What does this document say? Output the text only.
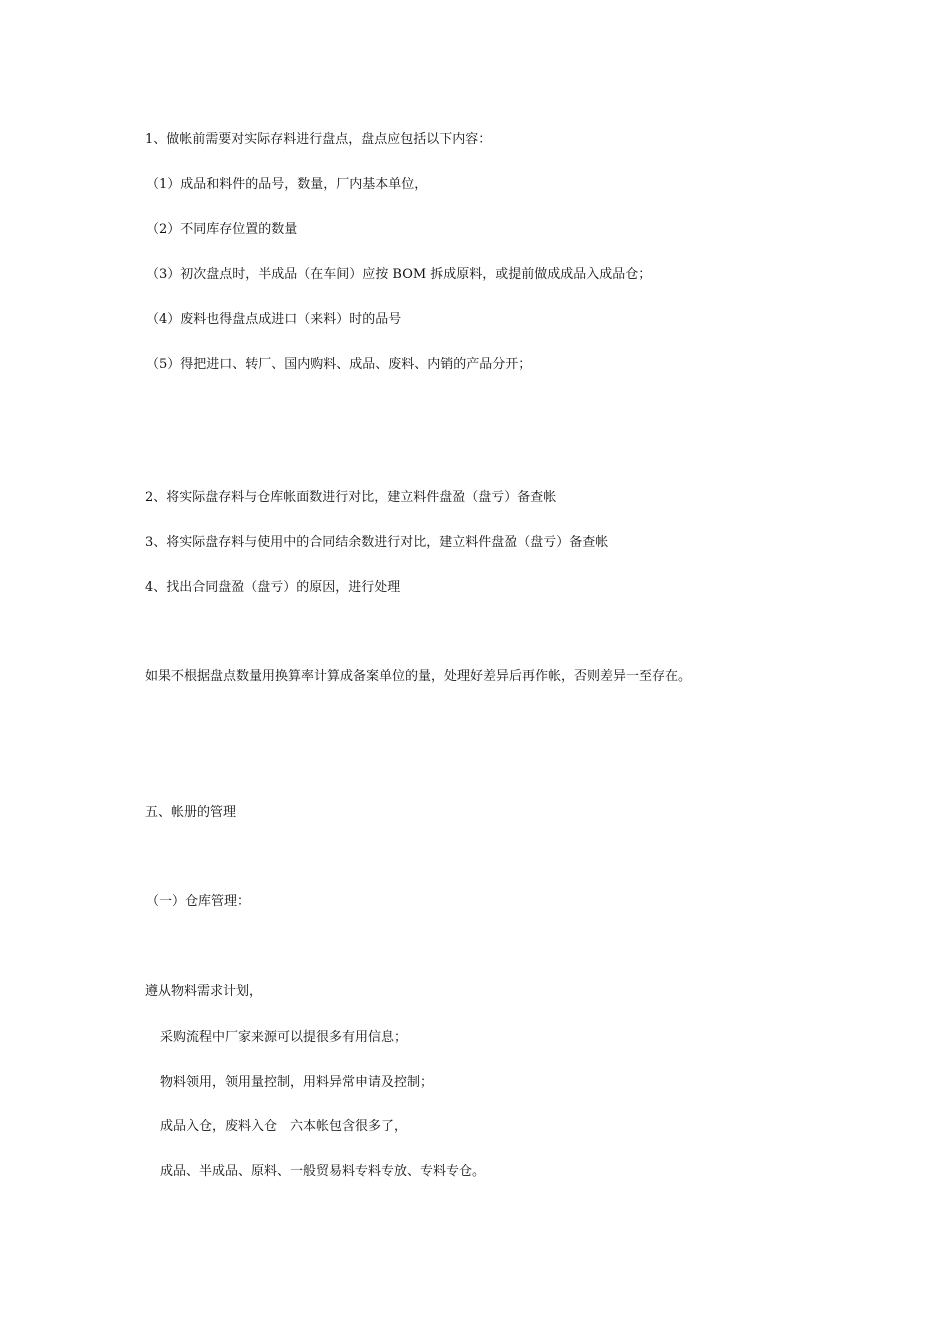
1、做帐前需要对实际存料进行盘点，盘点应包括以下内容：

（1）成品和料件的品号，数量，厂内基本单位，

（2）不同库存位置的数量

（3）初次盘点时，半成品（在车间）应按 BOM 拆成原料，或提前做成成品入成品仓；

（4）废料也得盘点成进口（来料）时的品号

（5）得把进口、转厂、国内购料、成品、废料、内销的产品分开；

2、将实际盘存料与仓库帐面数进行对比，建立料件盘盈（盘亏）备查帐

3、将实际盘存料与使用中的合同结余数进行对比，建立料件盘盈（盘亏）备查帐

4、找出合同盘盈（盘亏）的原因，进行处理

如果不根据盘点数量用换算率计算成备案单位的量，处理好差异后再作帐，否则差异一至存在。

五、帐册的管理

（一）仓库管理：

遵从物料需求计划，

采购流程中厂家来源可以提很多有用信息；

物料领用，领用量控制，用料异常申请及控制；

成品入仓，废料入仓　六本帐包含很多了，

成品、半成品、原料、一般贸易料专料专放、专料专仓。
